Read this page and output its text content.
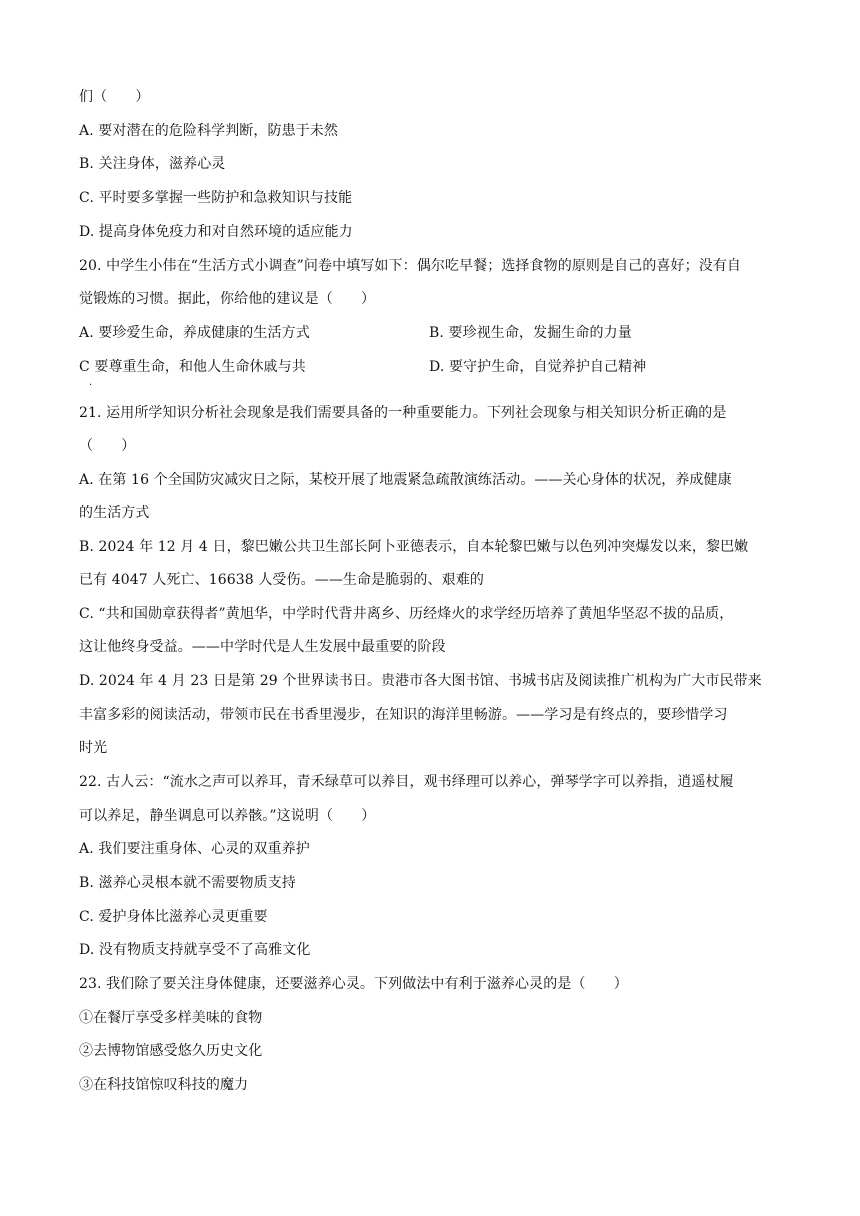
们（　　）
A. 要对潜在的危险科学判断，防患于未然
B. 关注身体，滋养心灵
C. 平时要多掌握一些防护和急救知识与技能
D. 提高身体免疫力和对自然环境的适应能力
20. 中学生小伟在“生活方式小调查”问卷中填写如下：偶尔吃早餐；选择食物的原则是自己的喜好；没有自
觉锻炼的习惯。据此，你给他的建议是（　　）
A. 要珍爱生命，养成健康的生活方式	B. 要珍视生命，发掘生命的力量
C 要尊重生命，和他人生命休戚与共	D. 要守护生命，自觉养护自己精神
.
21. 运用所学知识分析社会现象是我们需要具备的一种重要能力。下列社会现象与相关知识分析正确的是
（　　）
A. 在第 16 个全国防灾减灾日之际，某校开展了地震紧急疏散演练活动。——关心身体的状况，养成健康
的生活方式
B. 2024 年 12 月 4 日，黎巴嫩公共卫生部长阿卜亚德表示，自本轮黎巴嫩与以色列冲突爆发以来，黎巴嫩
已有 4047 人死亡、16638 人受伤。——生命是脆弱的、艰难的
C. “共和国勋章获得者”黄旭华，中学时代背井离乡、历经烽火的求学经历培养了黄旭华坚忍不拔的品质，
这让他终身受益。——中学时代是人生发展中最重要的阶段
D. 2024 年 4 月 23 日是第 29 个世界读书日。贵港市各大图书馆、书城书店及阅读推广机构为广大市民带来
丰富多彩的阅读活动，带领市民在书香里漫步，在知识的海洋里畅游。——学习是有终点的，要珍惜学习
时光
22. 古人云：“流水之声可以养耳，青禾绿草可以养目，观书绎理可以养心，弹琴学字可以养指，逍遥杖履
可以养足，静坐调息可以养骸。”这说明（　　）
A. 我们要注重身体、心灵的双重养护
B. 滋养心灵根本就不需要物质支持
C. 爱护身体比滋养心灵更重要
D. 没有物质支持就享受不了高雅文化
23. 我们除了要关注身体健康，还要滋养心灵。下列做法中有利于滋养心灵的是（　　）
①在餐厅享受多样美味的食物
②去博物馆感受悠久历史文化
③在科技馆惊叹科技的魔力
